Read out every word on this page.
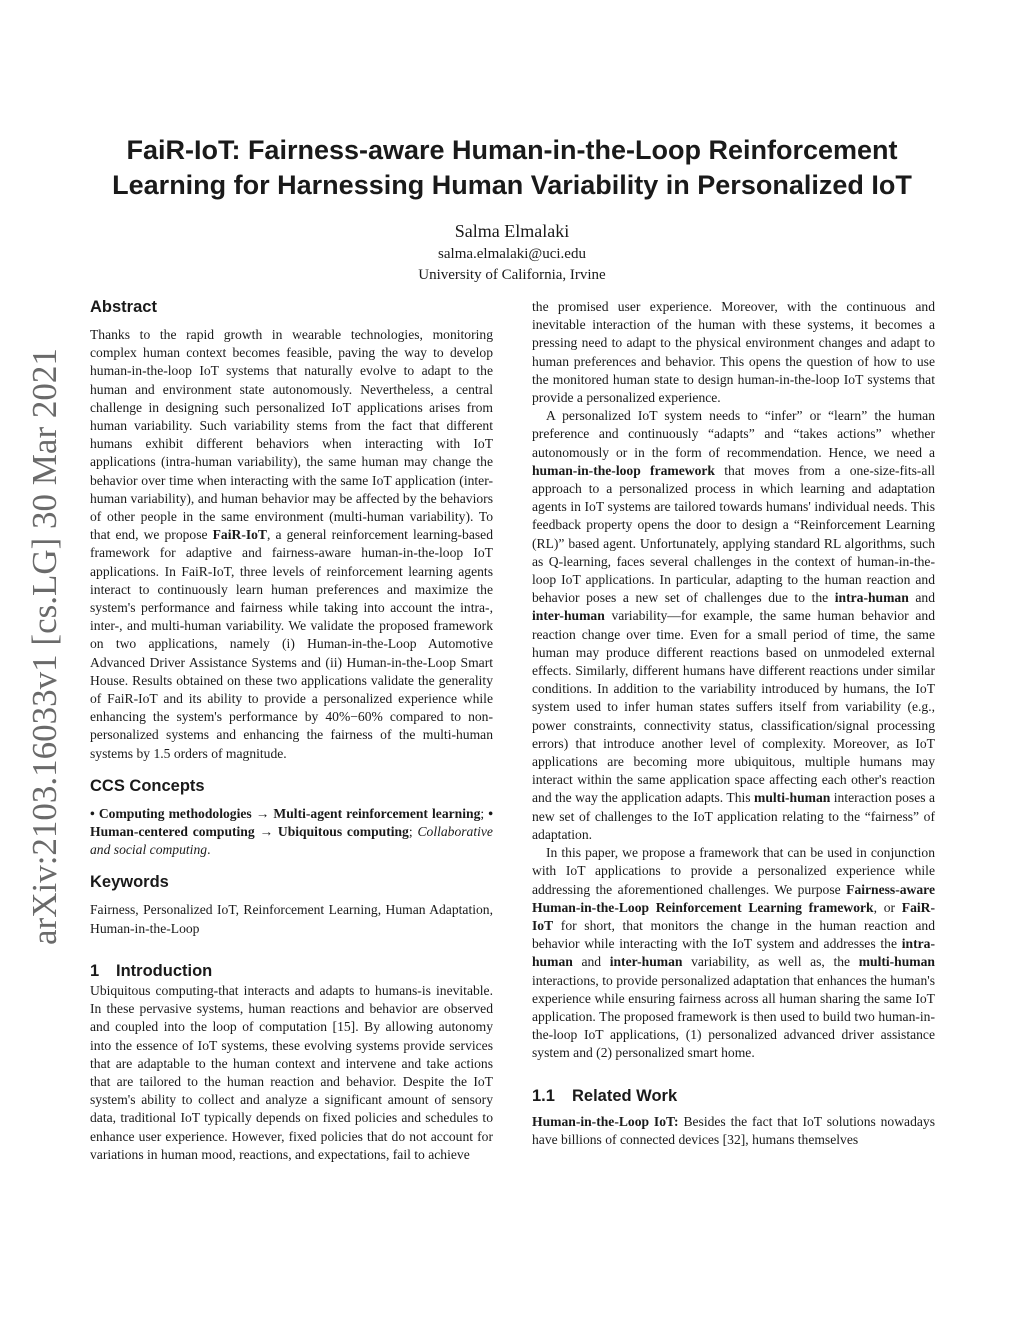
arXiv:2103.16033v1 [cs.LG] 30 Mar 2021
FaiR-IoT: Fairness-aware Human-in-the-Loop Reinforcement
Learning for Harnessing Human Variability in Personalized IoT
Salma Elmalaki
salma.elmalaki@uci.edu
University of California, Irvine
Abstract

Thanks to the rapid growth in wearable technologies, monitoring complex human context becomes feasible, paving the way to develop human-in-the-loop IoT systems that naturally evolve to adapt to the human and environment state autonomously. Nevertheless, a central challenge in designing such personalized IoT applications arises from human variability. Such variability stems from the fact that different humans exhibit different behaviors when interacting with IoT applications (intra-human variability), the same human may change the behavior over time when interacting with the same IoT application (inter-human variability), and human behavior may be affected by the behaviors of other people in the same environment (multi-human variability). To that end, we propose FaiR-IoT, a general reinforcement learning-based framework for adaptive and fairness-aware human-in-the-loop IoT applications. In FaiR-IoT, three levels of reinforcement learning agents interact to continuously learn human preferences and maximize the system's performance and fairness while taking into account the intra-, inter-, and multi-human variability. We validate the proposed framework on two applications, namely (i) Human-in-the-Loop Automotive Advanced Driver Assistance Systems and (ii) Human-in-the-Loop Smart House. Results obtained on these two applications validate the generality of FaiR-IoT and its ability to provide a personalized experience while enhancing the system's performance by 40%−60% compared to non-personalized systems and enhancing the fairness of the multi-human systems by 1.5 orders of magnitude.

CCS Concepts

• Computing methodologies → Multi-agent reinforcement learning; • Human-centered computing → Ubiquitous computing; Collaborative and social computing.

Keywords

Fairness, Personalized IoT, Reinforcement Learning, Human Adaptation, Human-in-the-Loop

1 Introduction

Ubiquitous computing-that interacts and adapts to humans-is inevitable. In these pervasive systems, human reactions and behavior are observed and coupled into the loop of computation [15]. By allowing autonomy into the essence of IoT systems, these evolving systems provide services that are adaptable to the human context and intervene and take actions that are tailored to the human reaction and behavior. Despite the IoT system's ability to collect and analyze a significant amount of sensory data, traditional IoT typically depends on fixed policies and schedules to enhance user experience. However, fixed policies that do not account for variations in human mood, reactions, and expectations, fail to achieve

the promised user experience. Moreover, with the continuous and inevitable interaction of the human with these systems, it becomes a pressing need to adapt to the physical environment changes and adapt to human preferences and behavior. This opens the question of how to use the monitored human state to design human-in-the-loop IoT systems that provide a personalized experience.

A personalized IoT system needs to “infer” or “learn” the human preference and continuously “adapts” and “takes actions” whether autonomously or in the form of recommendation. Hence, we need a human-in-the-loop framework that moves from a one-size-fits-all approach to a personalized process in which learning and adaptation agents in IoT systems are tailored towards humans' individual needs. This feedback property opens the door to design a “Reinforcement Learning (RL)” based agent. Unfortunately, applying standard RL algorithms, such as Q-learning, faces several challenges in the context of human-in-the-loop IoT applications. In particular, adapting to the human reaction and behavior poses a new set of challenges due to the intra-human and inter-human variability—for example, the same human behavior and reaction change over time. Even for a small period of time, the same human may produce different reactions based on unmodeled external effects. Similarly, different humans have different reactions under similar conditions. In addition to the variability introduced by humans, the IoT system used to infer human states suffers itself from variability (e.g., power constraints, connectivity status, classification/signal processing errors) that introduce another level of complexity. Moreover, as IoT applications are becoming more ubiquitous, multiple humans may interact within the same application space affecting each other's reaction and the way the application adapts. This multi-human interaction poses a new set of challenges to the IoT application relating to the “fairness” of adaptation.

In this paper, we propose a framework that can be used in conjunction with IoT applications to provide a personalized experience while addressing the aforementioned challenges. We purpose Fairness-aware Human-in-the-Loop Reinforcement Learning framework, or FaiR-IoT for short, that monitors the change in the human reaction and behavior while interacting with the IoT system and addresses the intra-human and inter-human variability, as well as, the multi-human interactions, to provide personalized adaptation that enhances the human's experience while ensuring fairness across all human sharing the same IoT application. The proposed framework is then used to build two human-in-the-loop IoT applications, (1) personalized advanced driver assistance system and (2) personalized smart home.

1.1 Related Work

Human-in-the-Loop IoT: Besides the fact that IoT solutions nowadays have billions of connected devices [32], humans themselves
